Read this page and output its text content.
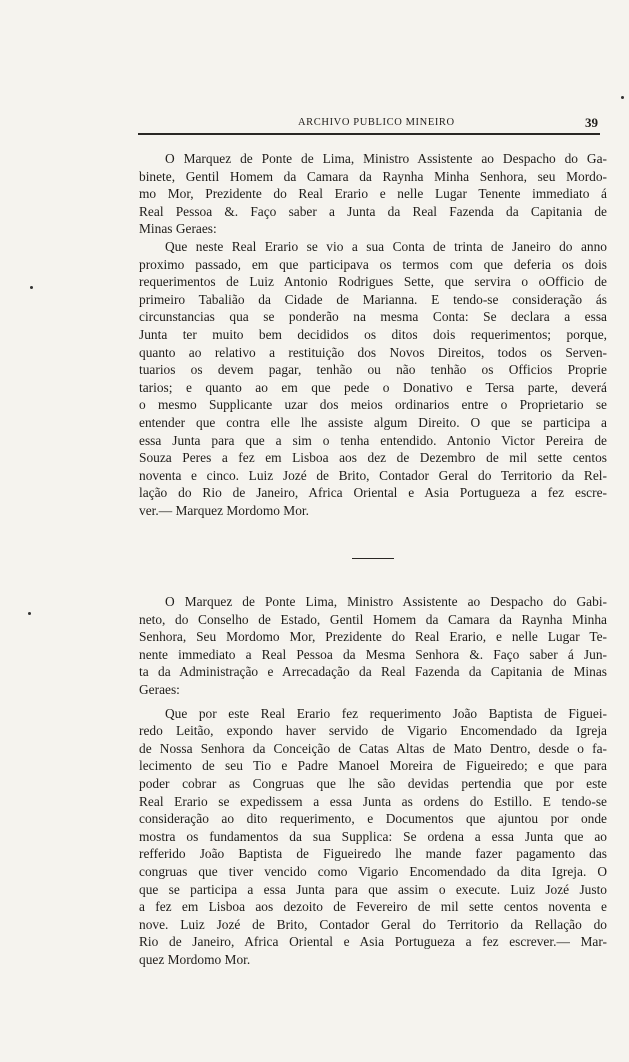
ARCHIVO PUBLICO MINEIRO	39
O Marquez de Ponte de Lima, Ministro Assistente ao Despacho do Ga-
binete, Gentil Homem da Camara da Raynha Minha Senhora, seu Mordo-
mo Mor, Prezidente do Real Erario e nelle Lugar Tenente immediato á
Real Pessoa &. Faço saber a Junta da Real Fazenda da Capitania de
Minas Geraes:
Que neste Real Erario se vio a sua Conta de trinta de Janeiro do anno
proximo passado, em que participava os termos com que deferia os dois
requerimentos de Luiz Antonio Rodrigues Sette, que servira o oOfficio de
primeiro Tabalião da Cidade de Marianna. E tendo-se consideração ás
circunstancias qua se ponderão na mesma Conta: Se declara a essa
Junta ter muito bem decididos os ditos dois requerimentos; porque,
quanto ao relativo a restituição dos Novos Direitos, todos os Serven-
tuarios os devem pagar, tenhão ou não tenhão os Officios Proprie
tarios; e quanto ao em que pede o Donativo e Tersa parte, deverá
o mesmo Supplicante uzar dos meios ordinarios entre o Proprietario se
entender que contra elle lhe assiste algum Direito. O que se participa a
essa Junta para que a sim o tenha entendido. Antonio Victor Pereira de
Souza Peres a fez em Lisboa aos dez de Dezembro de mil sette centos
noventa e cinco. Luiz Jozé de Brito, Contador Geral do Territorio da Rel-
lação do Rio de Janeiro, Africa Oriental e Asia Portugueza a fez escre-
ver.— Marquez Mordomo Mor.
O Marquez de Ponte Lima, Ministro Assistente ao Despacho do Gabi-
neto, do Conselho de Estado, Gentil Homem da Camara da Raynha Minha
Senhora, Seu Mordomo Mor, Prezidente do Real Erario, e nelle Lugar Te-
nente immediato a Real Pessoa da Mesma Senhora &. Faço saber á Jun-
ta da Administração e Arrecadação da Real Fazenda da Capitania de Minas
Geraes:
Que por este Real Erario fez requerimento João Baptista de Figuei-
redo Leitão, expondo haver servido de Vigario Encomendado da Igreja
de Nossa Senhora da Conceição de Catas Altas de Mato Dentro, desde o fa-
lecimento de seu Tio e Padre Manoel Moreira de Figueiredo; e que para
poder cobrar as Congruas que lhe são devidas pertendia que por este
Real Erario se expedissem a essa Junta as ordens do Estillo. E tendo-se
consideração ao dito requerimento, e Documentos que ajuntou por onde
mostra os fundamentos da sua Supplica: Se ordena a essa Junta que ao
refferido João Baptista de Figueiredo lhe mande fazer pagamento das
congruas que tiver vencido como Vigario Encomendado da dita Igreja. O
que se participa a essa Junta para que assim o execute. Luiz Jozé Justo
a fez em Lisboa aos dezoito de Fevereiro de mil sette centos noventa e
nove. Luiz Jozé de Brito, Contador Geral do Territorio da Rellação do
Rio de Janeiro, Africa Oriental e Asia Portugueza a fez escrever.— Mar-
quez Mordomo Mor.
